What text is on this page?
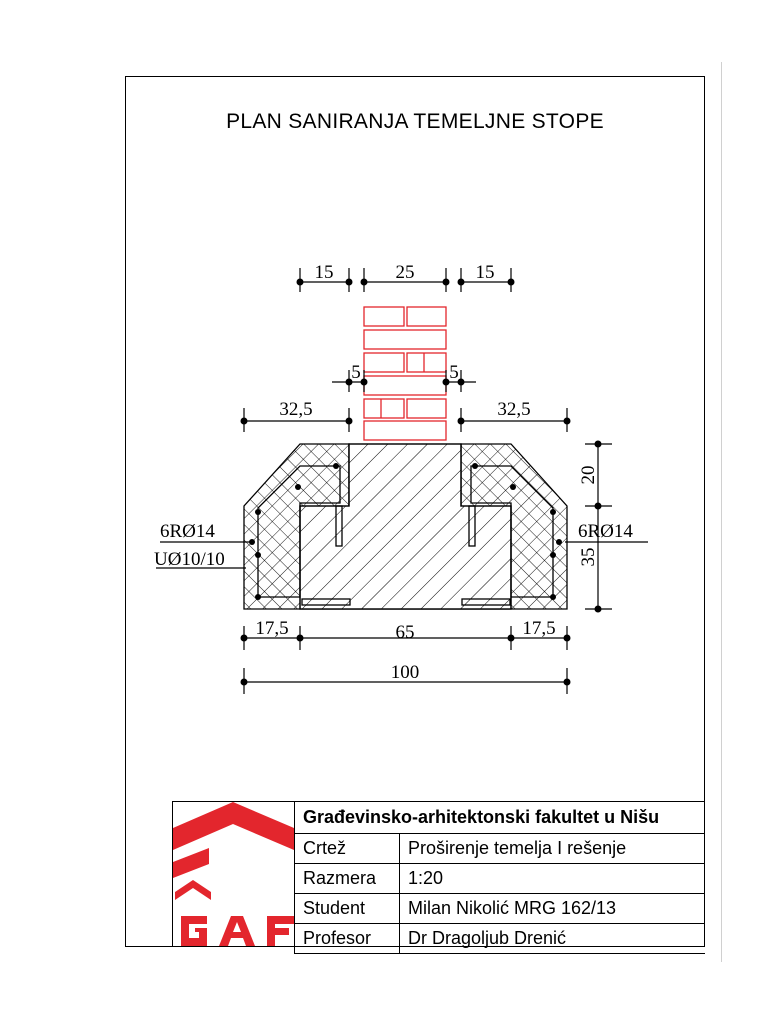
PLAN SANIRANJA TEMELJNE STOPE
15	25	15
5	5
32,5	32,5
20
35
17,5	65	17,5
100
6RØ14
UØ10/10
6RØ14
Građevinsko-arhitektonski fakultet u Nišu	
Crtež	Proširenje temelja I rešenje
Razmera	1:20
Student	Milan Nikolić MRG 162/13
Profesor	Dr Dragoljub Drenić
